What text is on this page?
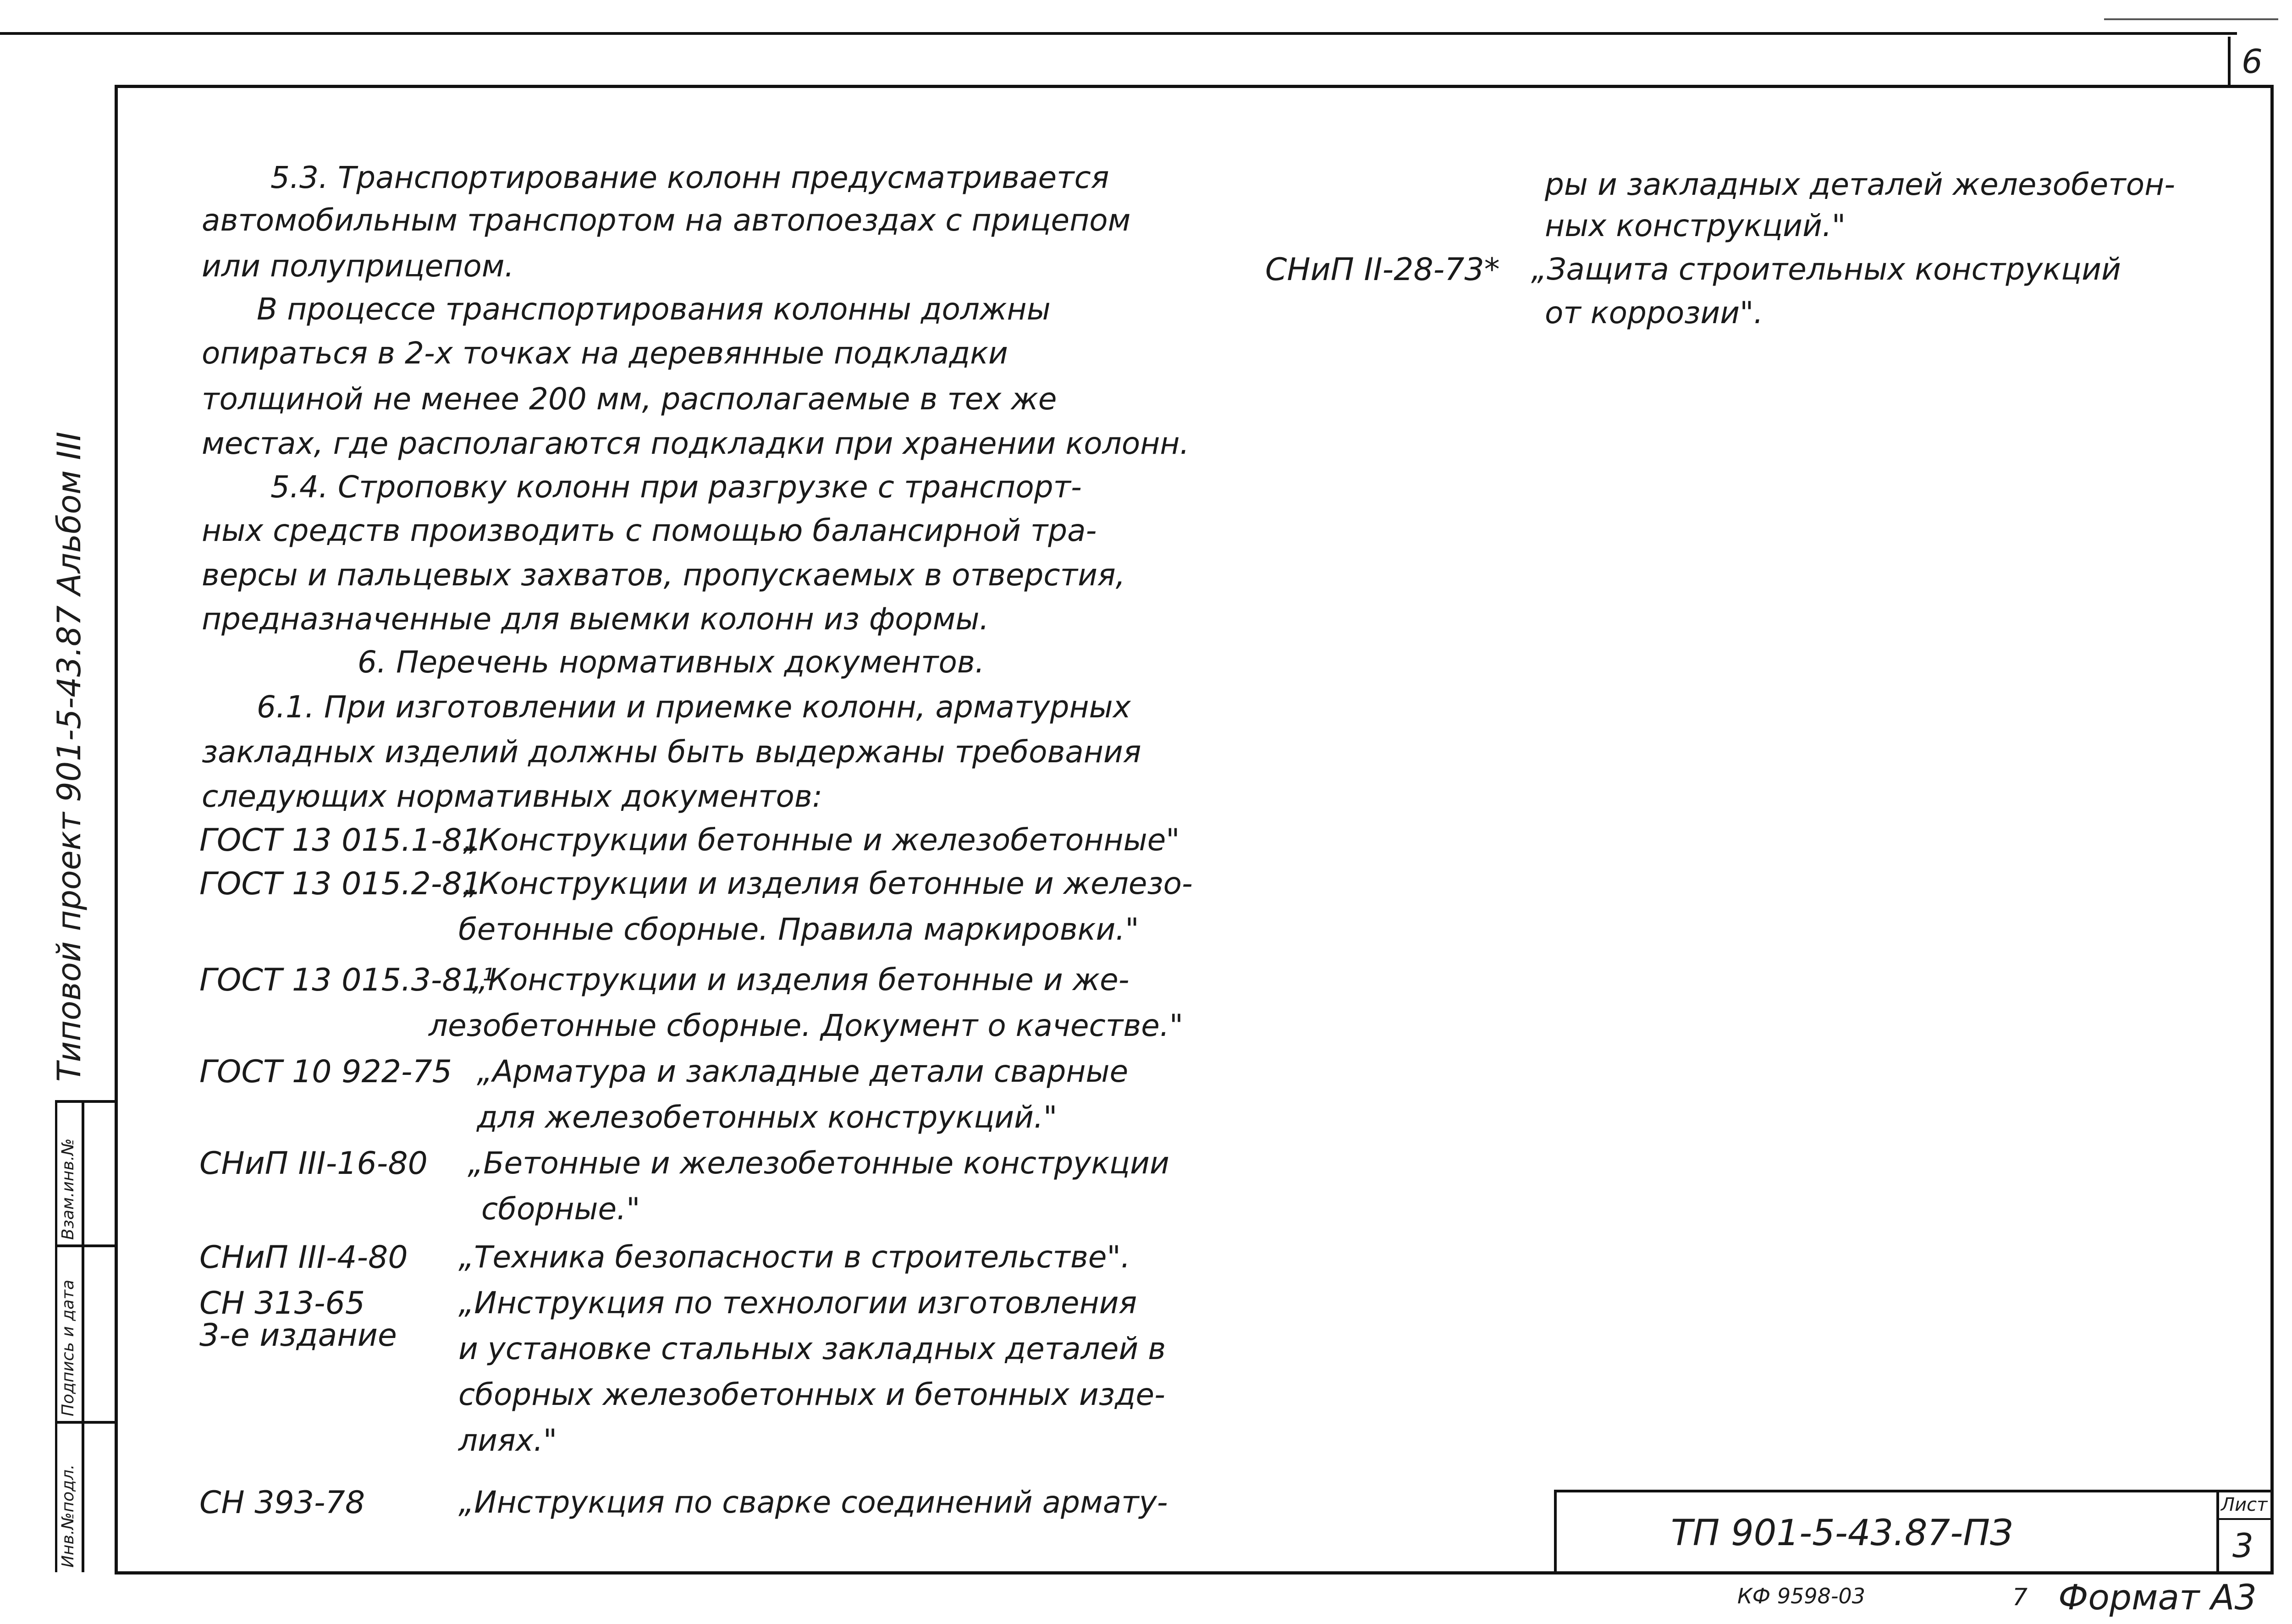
6
Типовой проект 901-5-43.87 Альбом III
Инв.№подл.
Подпись и дата
Взам.инв.№
5.3. Транспортирование колонн предусматривается
автомобильным транспортом на автопоездах с прицепом
или полуприцепом.
В процессе транспортирования колонны должны
опираться в 2-х точках на деревянные подкладки
толщиной не менее 200 мм, располагаемые в тех же
местах, где располагаются подкладки при хранении колонн.
5.4. Строповку колонн при разгрузке с транспорт-
ных средств производить с помощью балансирной тра-
версы и пальцевых захватов, пропускаемых в отверстия,
предназначенные для выемки колонн из формы.
6. Перечень нормативных документов.
6.1. При изготовлении и приемке колонн, арматурных
закладных изделий должны быть выдержаны требования
следующих нормативных документов:
ГОСТ 13 015.1-81
„Конструкции бетонные и железобетонные"
ГОСТ 13 015.2-81
„Конструкции и изделия бетонные и железо-
бетонные сборные. Правила маркировки."
ГОСТ 13 015.3-81¹
„Конструкции и изделия бетонные и же-
лезобетонные сборные. Документ о качестве."
ГОСТ 10 922-75 „Арматура и закладные детали сварные
для железобетонных конструкций."
СНиП III-16-80 „Бетонные и железобетонные конструкции
сборные."
СНиП III-4-80 „Техника безопасности в строительстве".
СН 313-65
3-е издание
„Инструкция по технологии изготовления
и установке стальных закладных деталей в
сборных железобетонных и бетонных изде-
лиях."
СН 393-78	„Инструкция по сварке соединений армату-
ры и закладных деталей железобетон-
ных конструкций."
СНиП II-28-73* „Защита строительных конструкций
от коррозии".
ТП 901-5-43.87-ПЗ
Лист
3
КФ 9598-03	7 Формат А3
